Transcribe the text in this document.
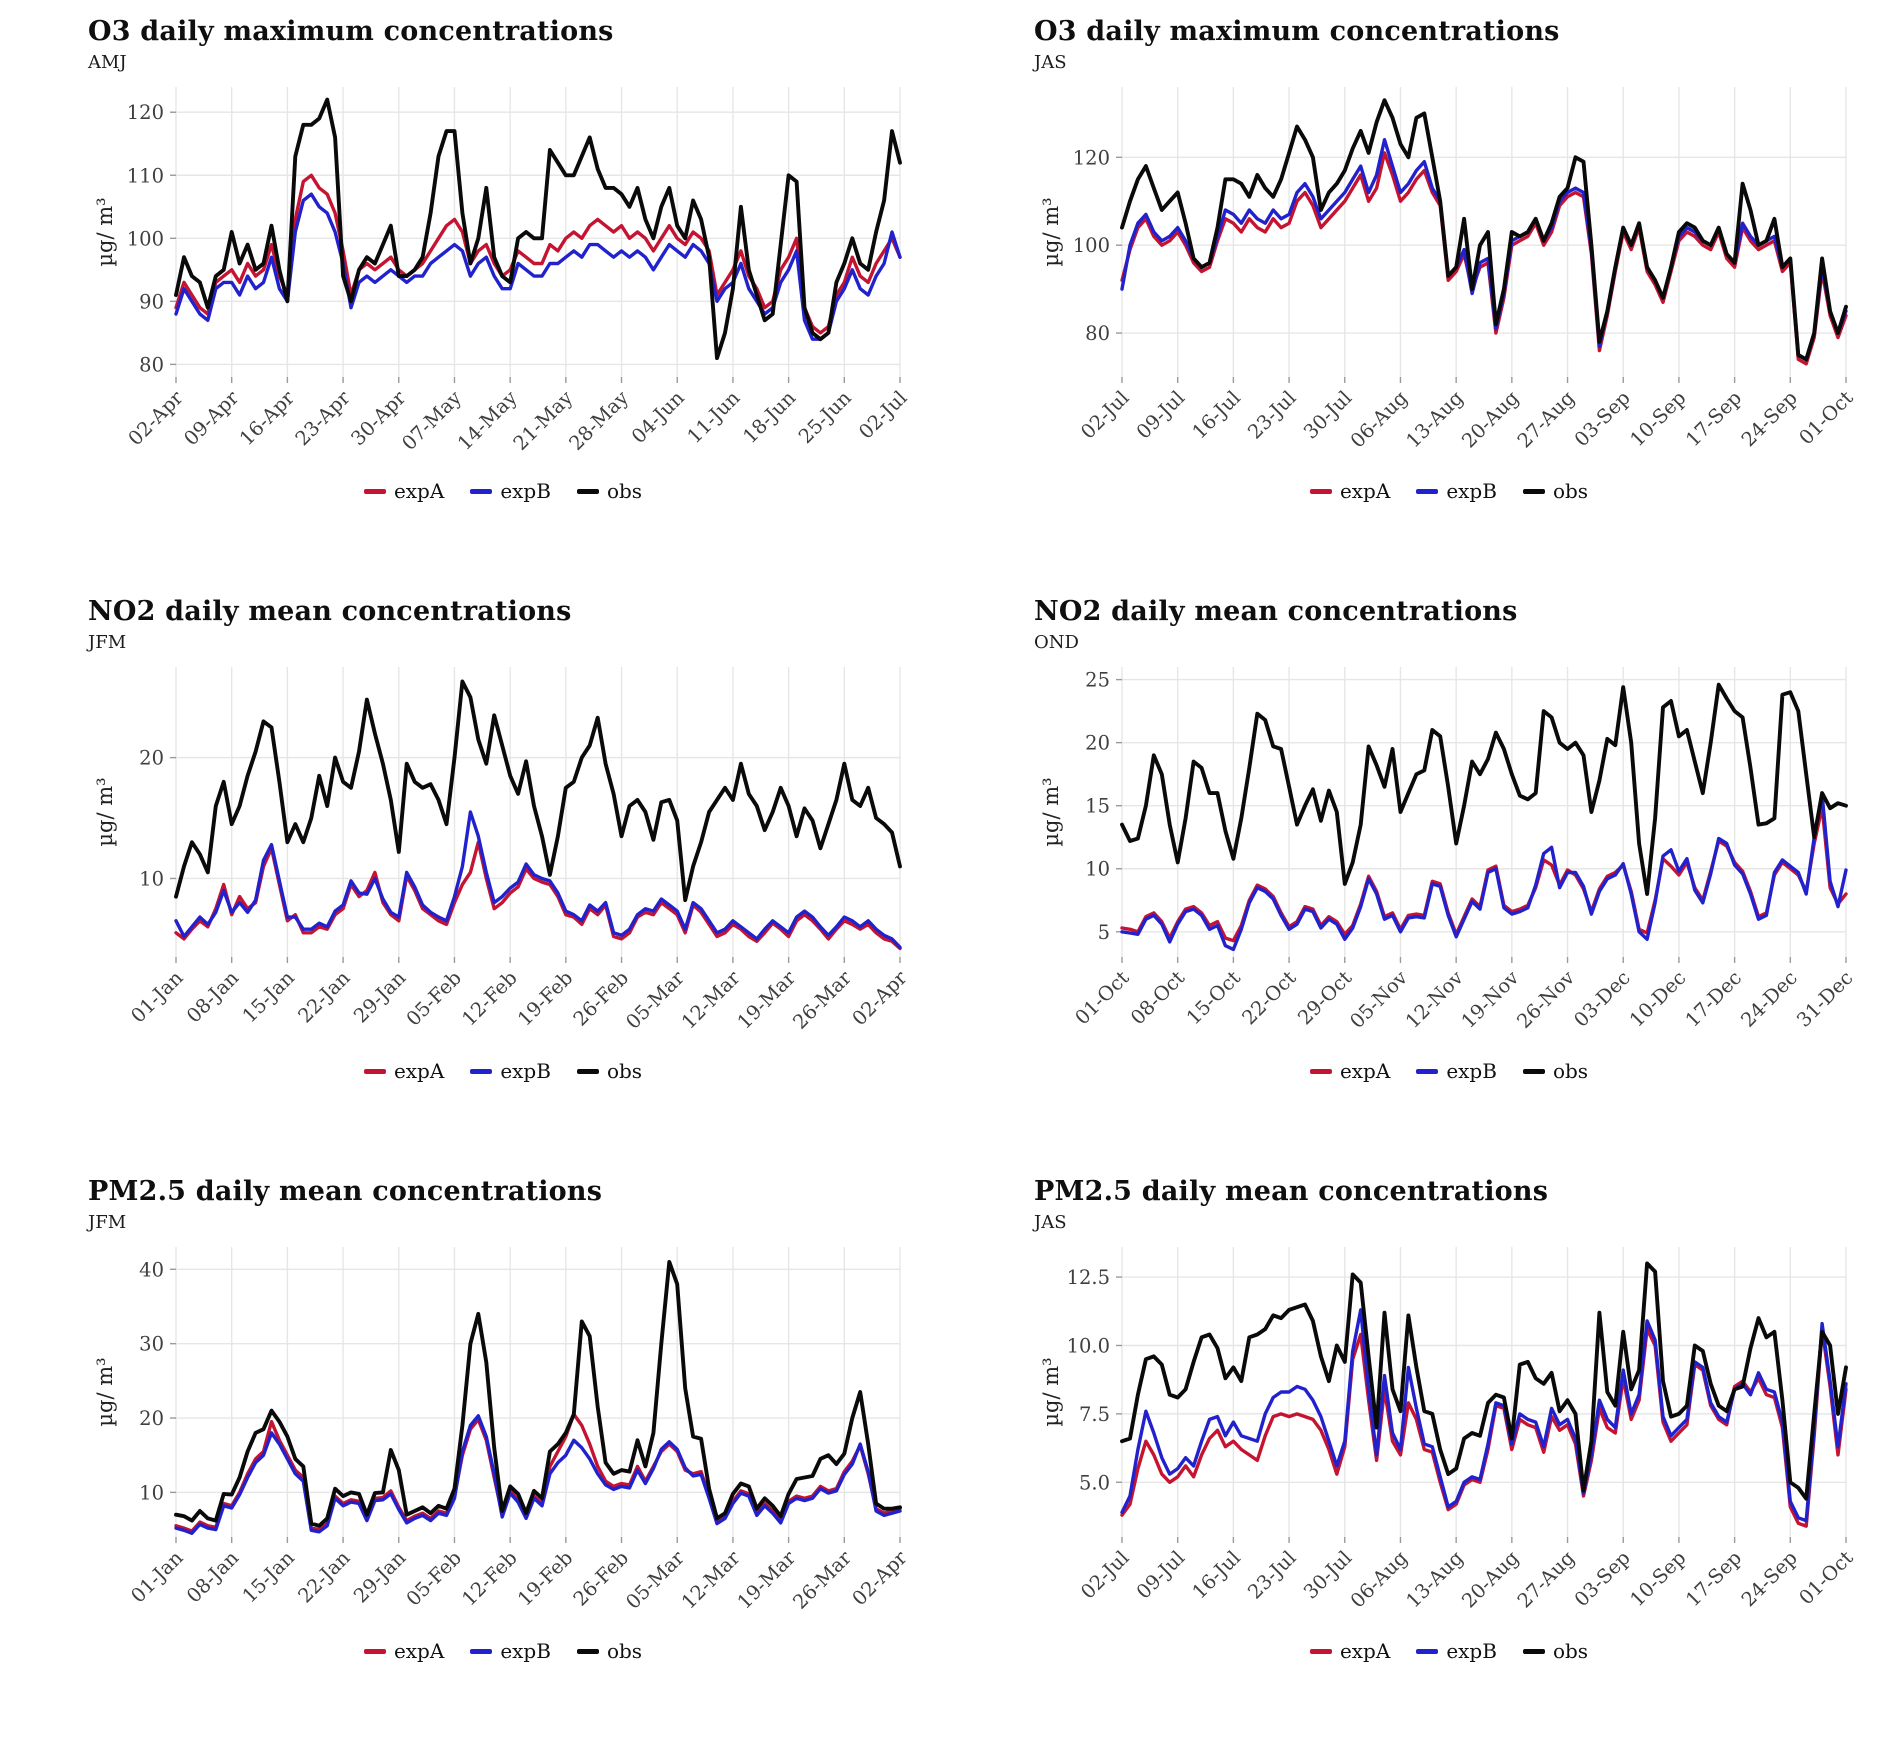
O3 daily maximum concentrations
AMJ
80
90
100
110
120
02-Apr
09-Apr
16-Apr
23-Apr
30-Apr
07-May
14-May
21-May
28-May
04-Jun
11-Jun
18-Jun
25-Jun
02-Jul
µg/ m³
expA	expB	obs
O3 daily maximum concentrations
JAS
80
100
120
02-Jul
09-Jul
16-Jul
23-Jul
30-Jul
06-Aug
13-Aug
20-Aug
27-Aug
03-Sep
10-Sep
17-Sep
24-Sep
01-Oct
µg/ m³
expA	expB	obs
NO2 daily mean concentrations
JFM
10
20
01-Jan
08-Jan
15-Jan
22-Jan
29-Jan
05-Feb
12-Feb
19-Feb
26-Feb
05-Mar
12-Mar
19-Mar
26-Mar
02-Apr
µg/ m³
expA	expB	obs
NO2 daily mean concentrations
OND
5
10
15
20
25
01-Oct
08-Oct
15-Oct
22-Oct
29-Oct
05-Nov
12-Nov
19-Nov
26-Nov
03-Dec
10-Dec
17-Dec
24-Dec
31-Dec
µg/ m³
expA	expB	obs
PM2.5 daily mean concentrations
JFM
10
20
30
40
01-Jan
08-Jan
15-Jan
22-Jan
29-Jan
05-Feb
12-Feb
19-Feb
26-Feb
05-Mar
12-Mar
19-Mar
26-Mar
02-Apr
µg/ m³
expA	expB	obs
PM2.5 daily mean concentrations
JAS
5.0
7.5
10.0
12.5
02-Jul
09-Jul
16-Jul
23-Jul
30-Jul
06-Aug
13-Aug
20-Aug
27-Aug
03-Sep
10-Sep
17-Sep
24-Sep
01-Oct
µg/ m³
expA	expB	obs
